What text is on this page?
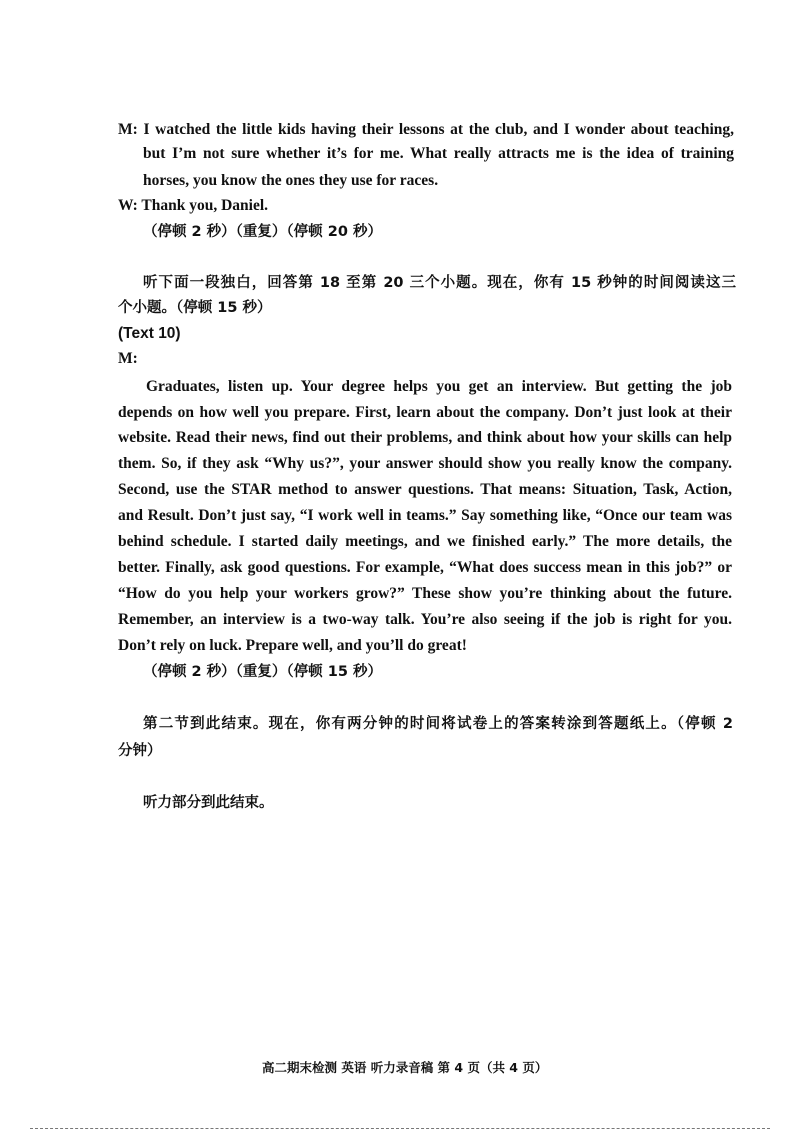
M: I watched the little kids having their lessons at the club, and I wonder about teaching,
but I’m not sure whether it’s for me. What really attracts me is the idea of training
horses, you know the ones they use for races.
W: Thank you, Daniel.
（停顿 2 秒）（重复）（停顿 20 秒）
听下面一段独白，回答第 18 至第 20 三个小题。现在，你有 15 秒钟的时间阅读这三
个小题。（停顿 15 秒）
(Text 10)
M:
Graduates, listen up. Your degree helps you get an interview. But getting the job
depends on how well you prepare. First, learn about the company. Don’t just look at their
website. Read their news, find out their problems, and think about how your skills can help
them. So, if they ask “Why us?”, your answer should show you really know the company.
Second, use the STAR method to answer questions. That means: Situation, Task, Action,
and Result. Don’t just say, “I work well in teams.” Say something like, “Once our team was
behind schedule. I started daily meetings, and we finished early.” The more details, the
better. Finally, ask good questions. For example, “What does success mean in this job?” or
“How do you help your workers grow?” These show you’re thinking about the future.
Remember, an interview is a two-way talk. You’re also seeing if the job is right for you.
Don’t rely on luck. Prepare well, and you’ll do great!
（停顿 2 秒）（重复）（停顿 15 秒）
第二节到此结束。现在，你有两分钟的时间将试卷上的答案转涂到答题纸上。（停顿 2
分钟）
听力部分到此结束。
高二期末检测 英语 听力录音稿 第 4 页（共 4 页）
